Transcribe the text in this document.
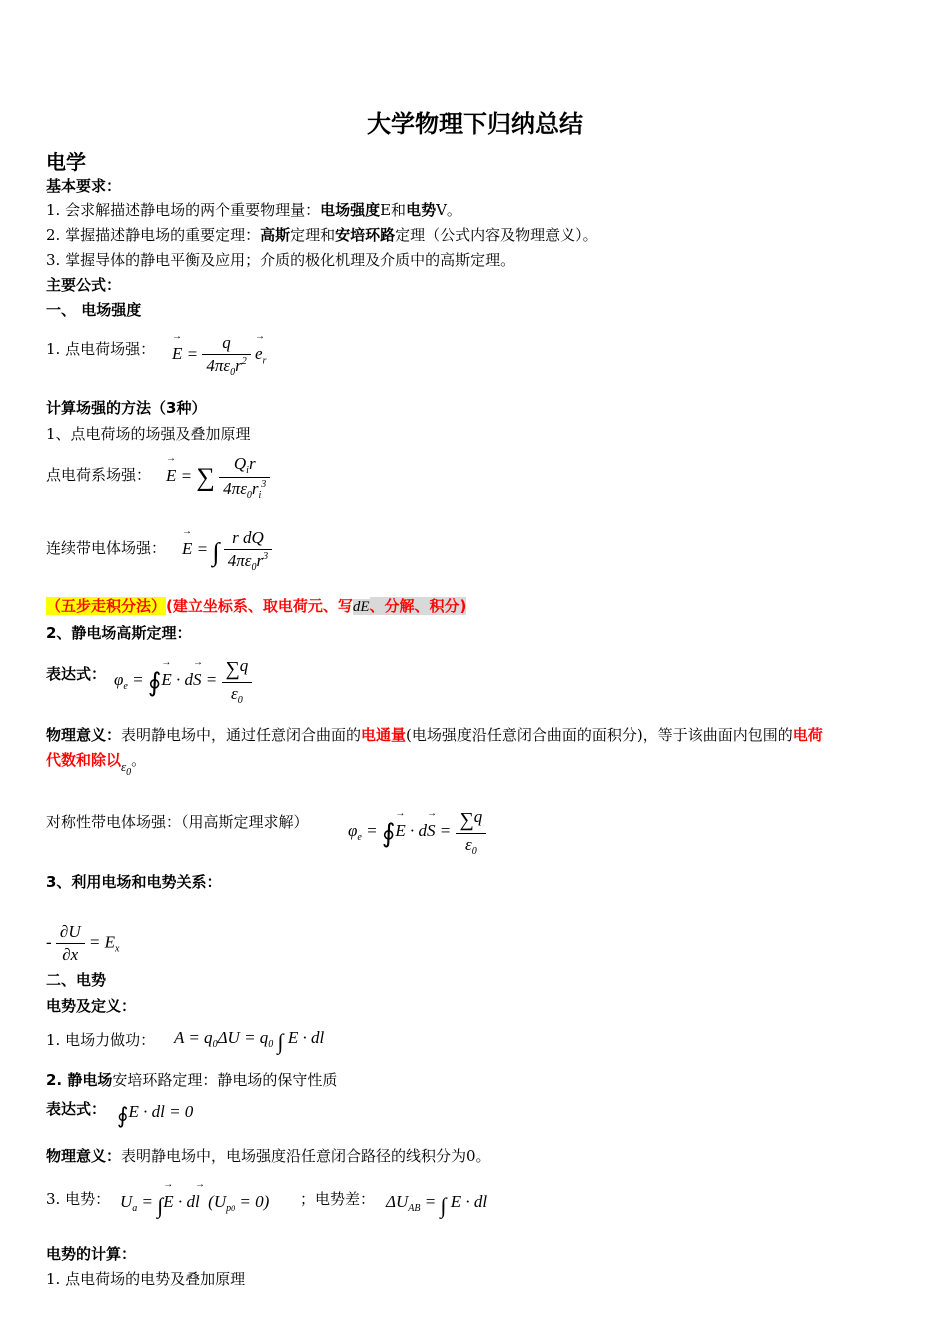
大学物理下归纳总结
电学
基本要求：
1. 会求解描述静电场的两个重要物理量：电场强度E和电势V。
2. 掌握描述静电场的重要定理：高斯定理和安培环路定理（公式内容及物理意义）。
3. 掌握导体的静电平衡及应用；介质的极化机理及介质中的高斯定理。
主要公式：
一、 电场强度
1. 点电荷场强：
→ $E = \frac{q}{4\pi\varepsilon_0r^2}$
→ $e_r$
计算场强的方法（3种）
1、点电荷场的场强及叠加原理
点电荷系场强：
→ E = ∑ $\frac{Q_ir}{4\pi\varepsilon_0r_i^3}$
连续带电体场强：
→ E = ∫ $\frac{\text{r dQ}}{4\pi\varepsilon_0r^3}$
（五步走积分法）(建立坐标系、取电荷元、写dE、分解、积分)
2、静电场高斯定理：
表达式： $\varphi_e$ = ∮→ $E \cdot d\to S = \frac{\sum q}{\varepsilon_0}$
物理意义：表明静电场中，通过任意闭合曲面的电通量(电场强度沿任意闭合曲面的面积分)，等于该曲面内包围的电荷
代数和除以$\varepsilon_0$。
对称性带电体场强：（用高斯定理求解） $\varphi_e$ = ∮→ $E \cdot d\to S = \frac{\sum q}{\varepsilon_0}$
3、利用电场和电势关系：
- $\frac{\partial U}{\partial x} = E_x$
二、电势
电势及定义：
1. 电场力做功： $A = q_0\Delta U = q_0$ ∫ E · dl
2. 静电场安培环路定理：静电场的保守性质
表达式： ∮E · dl = 0
物理意义：表明静电场中，电场强度沿任意闭合路径的线积分为0。
3. 电势： $U_a$ = ∫→ E · d→ l  $(U_{p0} = 0)$ ；电势差： $\Delta U_{AB}$ = ∫ E · dl
电势的计算：
1. 点电荷场的电势及叠加原理
